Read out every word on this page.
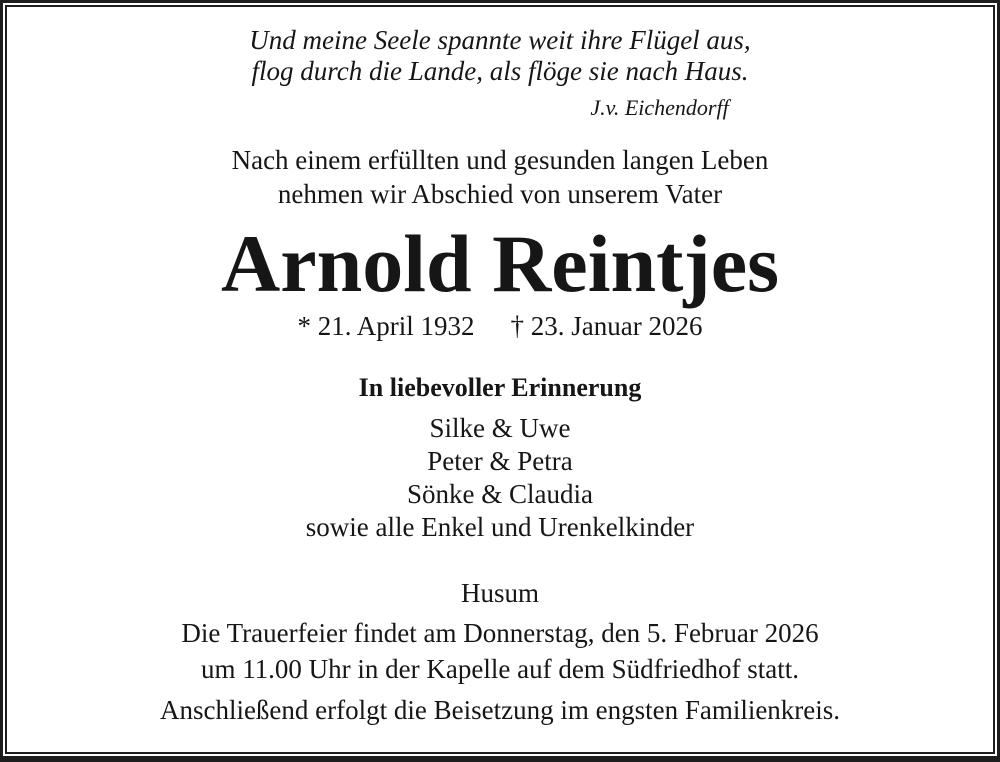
Und meine Seele spannte weit ihre Flügel aus,
flog durch die Lande, als flöge sie nach Haus.
J.v. Eichendorff
Nach einem erfüllten und gesunden langen Leben
nehmen wir Abschied von unserem Vater
Arnold Reintjes
* 21. April 1932 † 23. Januar 2026
In liebevoller Erinnerung
Silke & Uwe
Peter & Petra
Sönke & Claudia
sowie alle Enkel und Urenkelkinder
Husum
Die Trauerfeier findet am Donnerstag, den 5. Februar 2026
um 11.00 Uhr in der Kapelle auf dem Südfriedhof statt.
Anschließend erfolgt die Beisetzung im engsten Familienkreis.
